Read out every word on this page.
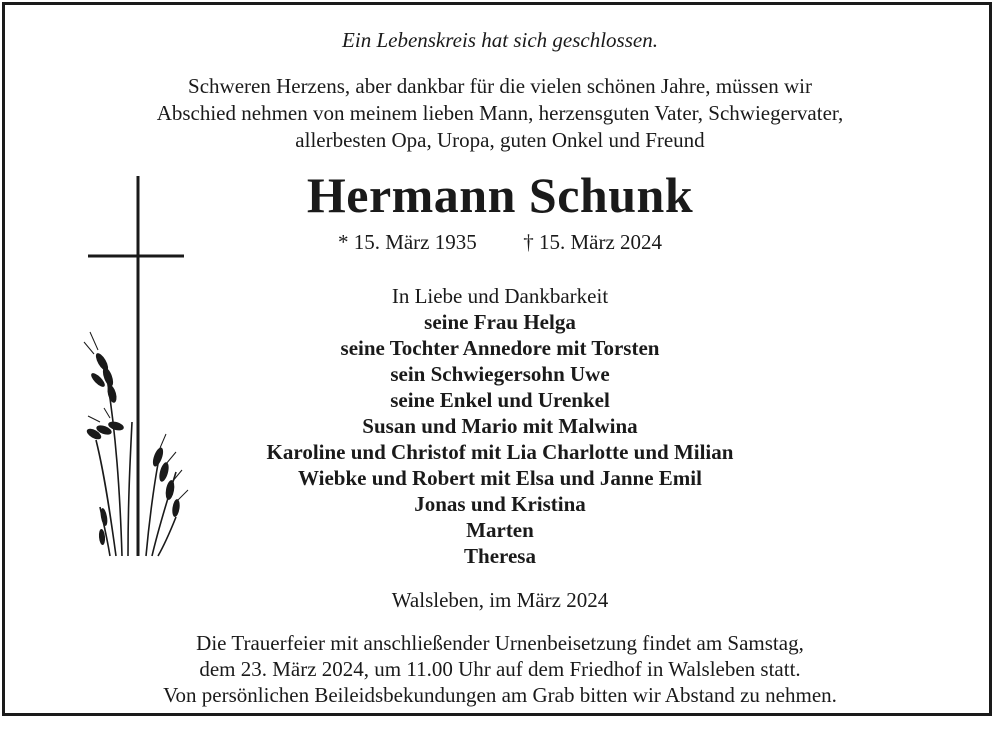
Ein Lebenskreis hat sich geschlossen.
Schweren Herzens, aber dankbar für die vielen schönen Jahre, müssen wir
Abschied nehmen von meinem lieben Mann, herzensguten Vater, Schwiegervater,
allerbesten Opa, Uropa, guten Onkel und Freund
Hermann Schunk
* 15. März 1935 † 15. März 2024
In Liebe und Dankbarkeit
seine Frau Helga
seine Tochter Annedore mit Torsten
sein Schwiegersohn Uwe
seine Enkel und Urenkel
Susan und Mario mit Malwina
Karoline und Christof mit Lia Charlotte und Milian
Wiebke und Robert mit Elsa und Janne Emil
Jonas und Kristina
Marten
Theresa
Walsleben, im März 2024
Die Trauerfeier mit anschließender Urnenbeisetzung findet am Samstag,
dem 23. März 2024, um 11.00 Uhr auf dem Friedhof in Walsleben statt.
Von persönlichen Beileidsbekundungen am Grab bitten wir Abstand zu nehmen.
